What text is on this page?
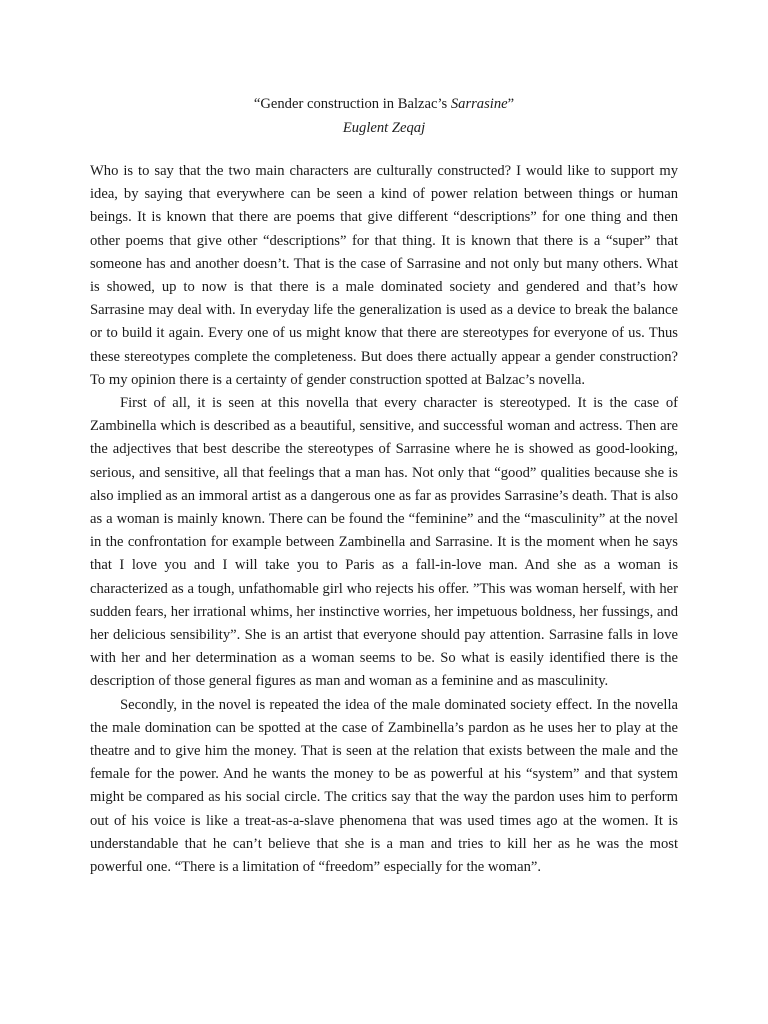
“Gender construction in Balzac’s Sarrasine”

Euglent Zeqaj

Who is to say that the two main characters are culturally constructed? I would like to support my idea, by saying that everywhere can be seen a kind of power relation between things or human beings. It is known that there are poems that give different “descriptions” for one thing and then other poems that give other “descriptions” for that thing. It is known that there is a “super” that someone has and another doesn’t. That is the case of Sarrasine and not only but many others. What is showed, up to now is that there is a male dominated society and gendered and that’s how Sarrasine may deal with. In everyday life the generalization is used as a device to break the balance or to build it again. Every one of us might know that there are stereotypes for everyone of us. Thus these stereotypes complete the completeness. But does there actually appear a gender construction? To my opinion there is a certainty of gender construction spotted at Balzac’s novella.

First of all, it is seen at this novella that every character is stereotyped. It is the case of Zambinella which is described as a beautiful, sensitive, and successful woman and actress. Then are the adjectives that best describe the stereotypes of Sarrasine where he is showed as good-looking, serious, and sensitive, all that feelings that a man has. Not only that “good” qualities because she is also implied as an immoral artist as a dangerous one as far as provides Sarrasine’s death. That is also as a woman is mainly known. There can be found the “feminine” and the “masculinity” at the novel in the confrontation for example between Zambinella and Sarrasine. It is the moment when he says that I love you and I will take you to Paris as a fall-in-love man. And she as a woman is characterized as a tough, unfathomable girl who rejects his offer. ”This was woman herself, with her sudden fears, her irrational whims, her instinctive worries, her impetuous boldness, her fussings, and her delicious sensibility”. She is an artist that everyone should pay attention. Sarrasine falls in love with her and her determination as a woman seems to be. So what is easily identified there is the description of those general figures as man and woman as a feminine and as masculinity.

Secondly, in the novel is repeated the idea of the male dominated society effect. In the novella the male domination can be spotted at the case of Zambinella’s pardon as he uses her to play at the theatre and to give him the money. That is seen at the relation that exists between the male and the female for the power. And he wants the money to be as powerful at his “system” and that system might be compared as his social circle. The critics say that the way the pardon uses him to perform out of his voice is like a treat-as-a-slave phenomena that was used times ago at the women. It is understandable that he can’t believe that she is a man and tries to kill her as he was the most powerful one. “There is a limitation of “freedom” especially for the woman”.
